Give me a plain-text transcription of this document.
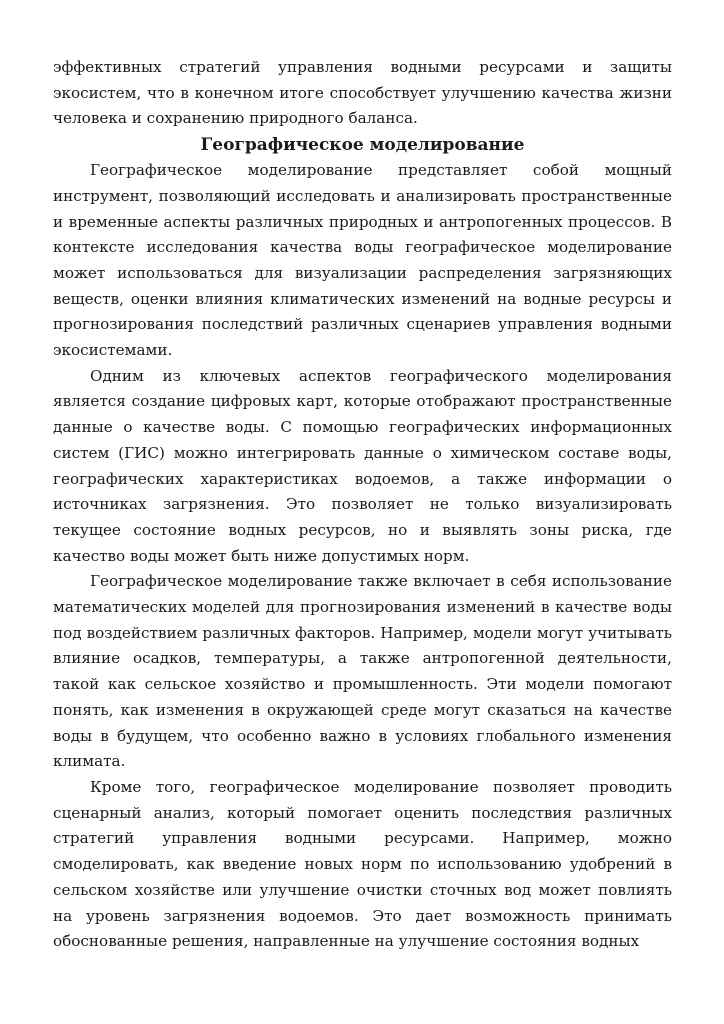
эффективных стратегий управления водными ресурсами и защиты экосистем, что в конечном итоге способствует улучшению качества жизни человека и сохранению природного баланса.

Географическое моделирование

Географическое моделирование представляет собой мощный инструмент, позволяющий исследовать и анализировать пространственные и временные аспекты различных природных и антропогенных процессов. В контексте исследования качества воды географическое моделирование может использоваться для визуализации распределения загрязняющих веществ, оценки влияния климатических изменений на водные ресурсы и прогнозирования последствий различных сценариев управления водными экосистемами.

Одним из ключевых аспектов географического моделирования является создание цифровых карт, которые отображают пространственные данные о качестве воды. С помощью географических информационных систем (ГИС) можно интегрировать данные о химическом составе воды, географических характеристиках водоемов, а также информации о источниках загрязнения. Это позволяет не только визуализировать текущее состояние водных ресурсов, но и выявлять зоны риска, где качество воды может быть ниже допустимых норм.

Географическое моделирование также включает в себя использование математических моделей для прогнозирования изменений в качестве воды под воздействием различных факторов. Например, модели могут учитывать влияние осадков, температуры, а также антропогенной деятельности, такой как сельское хозяйство и промышленность. Эти модели помогают понять, как изменения в окружающей среде могут сказаться на качестве воды в будущем, что особенно важно в условиях глобального изменения климата.

Кроме того, географическое моделирование позволяет проводить сценарный анализ, который помогает оценить последствия различных стратегий управления водными ресурсами. Например, можно смоделировать, как введение новых норм по использованию удобрений в сельском хозяйстве или улучшение очистки сточных вод может повлиять на уровень загрязнения водоемов. Это дает возможность принимать обоснованные решения, направленные на улучшение состояния водных
